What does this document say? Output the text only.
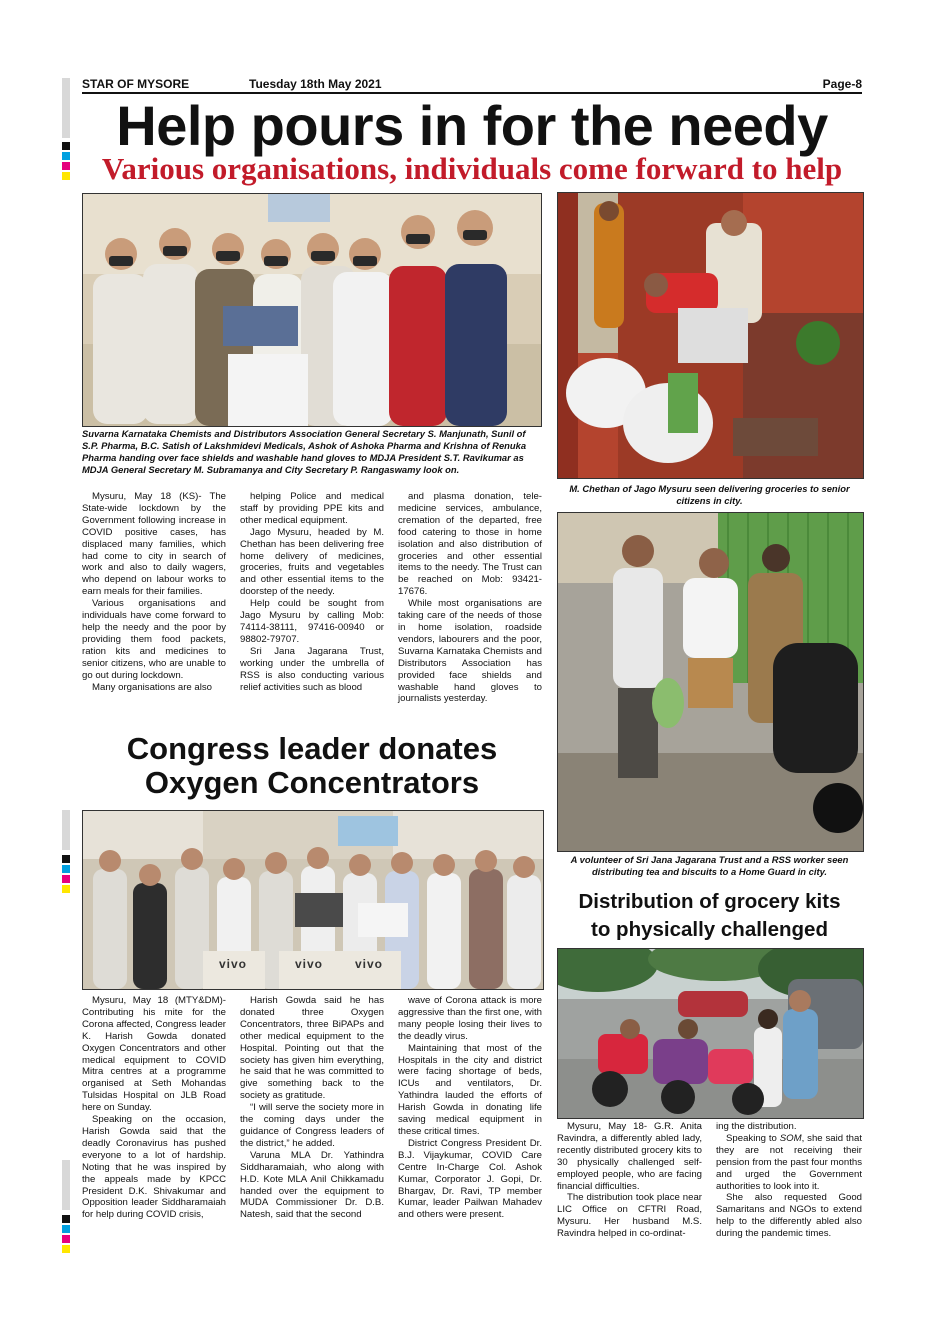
STAR OF MYSORE	Tuesday 18th May 2021	Page-8
Help pours in for the needy
Various organisations, individuals come forward to help
Suvarna Karnataka Chemists and Distributors Association General Secretary S. Manjunath, Sunil of S.P. Pharma, B.C. Satish of Lakshmidevi Medicals, Ashok of Ashoka Pharma and Krishna of Renuka Pharma handing over face shields and washable hand gloves to MDJA President S.T. Ravikumar as MDJA General Secretary M. Subramanya and City Secretary P. Rangaswamy look on.

Mysuru, May 18 (KS)- The State-wide lockdown by the Government following increase in COVID positive cases, has displaced many families, which had come to city in search of work and also to daily wagers, who depend on labour works to earn meals for their families.

Various organisations and individuals have come forward to help the needy and the poor by providing them food packets, ration kits and medicines to senior citizens, who are unable to go out during lockdown.

Many organisations are also

helping Police and medical staff by providing PPE kits and other medical equipment.

Jago Mysuru, headed by M. Chethan has been delivering free home delivery of medicines, groceries, fruits and vegetables and other essential items to the doorstep of the needy.

Help could be sought from Jago Mysuru by calling Mob: 74114-38111, 97416-00940 or 98802-79707.

Sri Jana Jagarana Trust, working under the umbrella of RSS is also conducting various relief activities such as blood

and plasma donation, tele-medicine services, ambulance, cremation of the departed, free food catering to those in home isolation and also distribution of groceries and other essential items to the needy. The Trust can be reached on Mob: 93421-17676.

While most organisations are taking care of the needs of those in home isolation, roadside vendors, labourers and the poor, Suvarna Karnataka Chemists and Distributors Association has provided face shields and washable hand gloves to journalists yesterday.

M. Chethan of Jago Mysuru seen delivering groceries to senior citizens in city.
A volunteer of Sri Jana Jagarana Trust and a RSS worker seen distributing tea and biscuits to a Home Guard in city.
Congress leader donates
Oxygen Concentrators
vivo	vivo	vivo

Mysuru, May 18 (MTY&DM)- Contributing his mite for the Corona affected, Congress leader K. Harish Gowda donated Oxygen Concentrators and other medical equipment to COVID Mitra centres at a programme organised at Seth Mohandas Tulsidas Hospital on JLB Road here on Sunday.

Speaking on the occasion, Harish Gowda said that the deadly Coronavirus has pushed everyone to a lot of hardship. Noting that he was inspired by the appeals made by KPCC President D.K. Shivakumar and Opposition leader Siddharamaiah for help during COVID crisis,

Harish Gowda said he has donated three Oxygen Concentrators, three BiPAPs and other medical equipment to the Hospital. Pointing out that the society has given him everything, he said that he was committed to give something back to the society as gratitude.

“I will serve the society more in the coming days under the guidance of Congress leaders of the district,” he added.

Varuna MLA Dr. Yathindra Siddharamaiah, who along with H.D. Kote MLA Anil Chikkamadu handed over the equipment to MUDA Commissioner Dr. D.B. Natesh, said that the second

wave of Corona attack is more aggressive than the first one, with many people losing their lives to the deadly virus.

Maintaining that most of the Hospitals in the city and district were facing shortage of beds, ICUs and ventilators, Dr. Yathindra lauded the efforts of Harish Gowda in donating life saving medical equipment in these critical times.

District Congress President Dr. B.J. Vijaykumar, COVID Care Centre In-Charge Col. Ashok Kumar, Corporator J. Gopi, Dr. Bhargav, Dr. Ravi, TP member Kumar, leader Pailwan Mahadev and others were present.

Distribution of grocery kits
to physically challenged

Mysuru, May 18- G.R. Anita Ravindra, a differently abled lady, recently distributed grocery kits to 30 physically challenged self-employed people, who are facing financial difficulties.

The distribution took place near LIC Office on CFTRI Road, Mysuru. Her husband M.S. Ravindra helped in co-ordinat-

ing the distribution.

Speaking to SOM, she said that they are not receiving their pension from the past four months and urged the Government authorities to look into it.

She also requested Good Samaritans and NGOs to extend help to the differently abled also during the pandemic times.
